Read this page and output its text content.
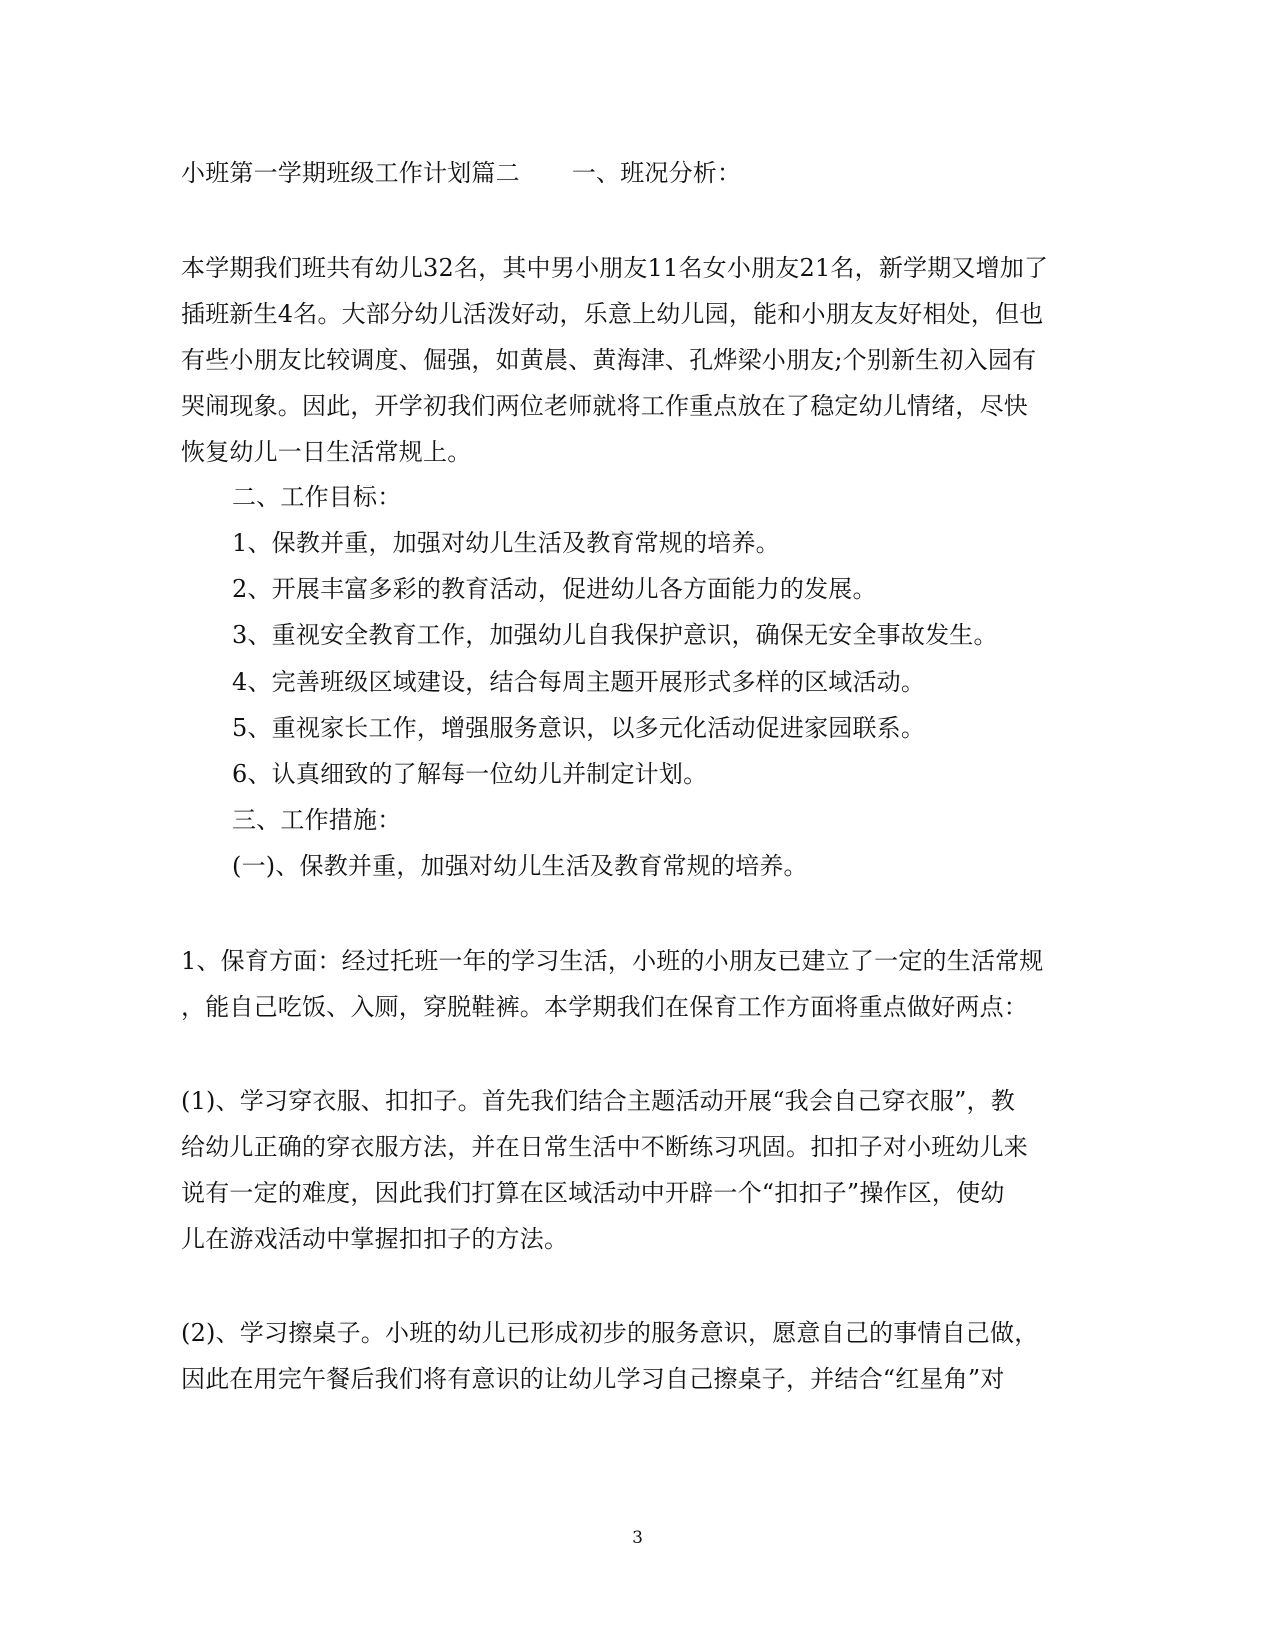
小班第一学期班级工作计划篇二 一、班况分析：
本学期我们班共有幼儿32名，其中男小朋友11名女小朋友21名，新学期又增加了
插班新生4名。大部分幼儿活泼好动，乐意上幼儿园，能和小朋友友好相处，但也
有些小朋友比较调度、倔强，如黄晨、黄海津、孔烨梁小朋友;个别新生初入园有
哭闹现象。因此，开学初我们两位老师就将工作重点放在了稳定幼儿情绪，尽快
恢复幼儿一日生活常规上。
二、工作目标：
1、保教并重，加强对幼儿生活及教育常规的培养。
2、开展丰富多彩的教育活动，促进幼儿各方面能力的发展。
3、重视安全教育工作，加强幼儿自我保护意识，确保无安全事故发生。
4、完善班级区域建设，结合每周主题开展形式多样的区域活动。
5、重视家长工作，增强服务意识，以多元化活动促进家园联系。
6、认真细致的了解每一位幼儿并制定计划。
三、工作措施：
(一)、保教并重，加强对幼儿生活及教育常规的培养。
1、保育方面：经过托班一年的学习生活，小班的小朋友已建立了一定的生活常规
，能自己吃饭、入厕，穿脱鞋裤。本学期我们在保育工作方面将重点做好两点：
(1)、学习穿衣服、扣扣子。首先我们结合主题活动开展“我会自己穿衣服”，教
给幼儿正确的穿衣服方法，并在日常生活中不断练习巩固。扣扣子对小班幼儿来
说有一定的难度，因此我们打算在区域活动中开辟一个“扣扣子”操作区，使幼
儿在游戏活动中掌握扣扣子的方法。
(2)、学习擦桌子。小班的幼儿已形成初步的服务意识，愿意自己的事情自己做，
因此在用完午餐后我们将有意识的让幼儿学习自己擦桌子，并结合“红星角”对
3
